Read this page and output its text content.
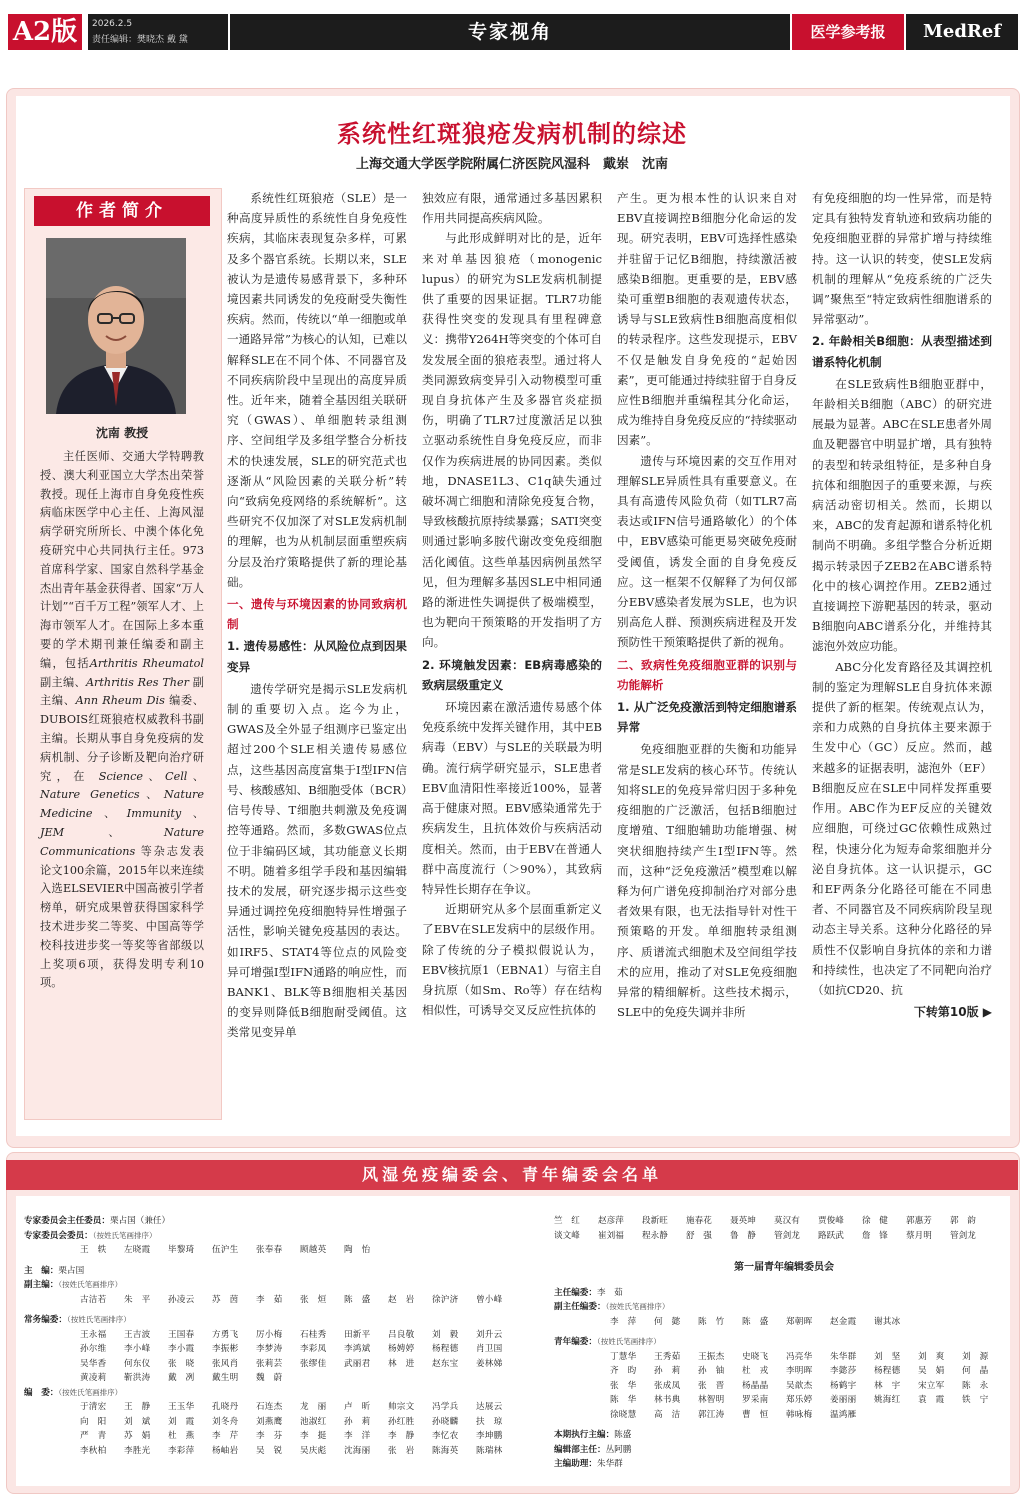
A2版	2026.2.5
责任编辑：樊晓杰 戴 黛	专家视角	医学参考报	MedRef
系统性红斑狼疮发病机制的综述
上海交通大学医学院附属仁济医院风湿科　戴岽　沈南
作者简介
沈南 教授
主任医师、交通大学特聘教授、澳大利亚国立大学杰出荣誉教授。现任上海市自身免疫性疾病临床医学中心主任、上海风湿病学研究所所长、中澳个体化免疫研究中心共同执行主任。973首席科学家、国家自然科学基金杰出青年基金获得者、国家“万人计划”“百千万工程”领军人才、上海市领军人才。在国际上多本重要的学术期刊兼任编委和副主编，包括Arthritis Rheumatol 副主编、Arthritis Res Ther 副主编、Ann Rheum Dis 编委、DUBOIS红斑狼疮权威教科书副主编。长期从事自身免疫病的发病机制、分子诊断及靶向治疗研究，在 Science、Cell、Nature Genetics、Nature Medicine、Immunity、JEM、Nature Communications 等杂志发表论文100余篇，2015年以来连续入选ELSEVIER中国高被引学者榜单，研究成果曾获得国家科学技术进步奖二等奖、中国高等学校科技进步奖一等奖等省部级以上奖项6项，获得发明专利10项。

系统性红斑狼疮（SLE）是一种高度异质性的系统性自身免疫性疾病，其临床表现复杂多样，可累及多个器官系统。长期以来，SLE被认为是遗传易感背景下，多种环境因素共同诱发的免疫耐受失衡性疾病。然而，传统以“单一细胞或单一通路异常”为核心的认知，已难以解释SLE在不同个体、不同器官及不同疾病阶段中呈现出的高度异质性。近年来，随着全基因组关联研究（GWAS）、单细胞转录组测序、空间组学及多组学整合分析技术的快速发展，SLE的研究范式也逐渐从“风险因素的关联分析”转向“致病免疫网络的系统解析”。这些研究不仅加深了对SLE发病机制的理解，也为从机制层面重塑疾病分层及治疗策略提供了新的理论基础。

一、遗传与环境因素的协同致病机制
1. 遗传易感性：从风险位点到因果变异

遗传学研究是揭示SLE发病机制的重要切入点。迄今为止，GWAS及全外显子组测序已鉴定出超过200个SLE相关遗传易感位点，这些基因高度富集于Ⅰ型IFN信号、核酸感知、B细胞受体（BCR）信号传导、T细胞共刺激及免疫调控等通路。然而，多数GWAS位点位于非编码区域，其功能意义长期不明。随着多组学手段和基因编辑技术的发展，研究逐步揭示这些变异通过调控免疫细胞特异性增强子活性，影响关键免疫基因的表达。如IRF5、STAT4等位点的风险变异可增强Ⅰ型IFN通路的响应性，而BANK1、BLK等B细胞相关基因的变异则降低B细胞耐受阈值。这类常见变异单

独效应有限，通常通过多基因累积作用共同提高疾病风险。

与此形成鲜明对比的是，近年来对单基因狼疮（monogenic lupus）的研究为SLE发病机制提供了重要的因果证据。TLR7功能获得性突变的发现具有里程碑意义：携带Y264H等突变的个体可自发发展全面的狼疮表型。通过将人类同源致病变异引入动物模型可重现自身抗体产生及多器官炎症损伤，明确了TLR7过度激活足以独立驱动系统性自身免疫反应，而非仅作为疾病进展的协同因素。类似地，DNASE1L3、C1q缺失通过破坏凋亡细胞和清除免疫复合物，导致核酸抗原持续暴露；SATI突变则通过影响多胺代谢改变免疫细胞活化阈值。这些单基因病例虽然罕见，但为理解多基因SLE中相同通路的渐进性失调提供了极端模型，也为靶向干预策略的开发指明了方向。

2. 环境触发因素：EB病毒感染的致病层级重定义

环境因素在激活遗传易感个体免疫系统中发挥关键作用，其中EB病毒（EBV）与SLE的关联最为明确。流行病学研究显示，SLE患者EBV血清阳性率接近100%，显著高于健康对照。EBV感染通常先于疾病发生，且抗体效价与疾病活动度相关。然而，由于EBV在普通人群中高度流行（＞90%），其致病特异性长期存在争议。

近期研究从多个层面重新定义了EBV在SLE发病中的层级作用。除了传统的分子模拟假说认为，EBV核抗原1（EBNA1）与宿主自身抗原（如Sm、Ro等）存在结构相似性，可诱导交叉反应性抗体的

产生。更为根本性的认识来自对EBV直接调控B细胞分化命运的发现。研究表明，EBV可选择性感染并驻留于记忆B细胞，持续激活被感染B细胞。更重要的是，EBV感染可重塑B细胞的表观遗传状态，诱导与SLE致病性B细胞高度相似的转录程序。这些发现提示，EBV不仅是触发自身免疫的“起始因素”，更可能通过持续驻留于自身反应性B细胞并重编程其分化命运，成为维持自身免疫反应的“持续驱动因素”。

遗传与环境因素的交互作用对理解SLE异质性具有重要意义。在具有高遗传风险负荷（如TLR7高表达或IFN信号通路敏化）的个体中，EBV感染可能更易突破免疫耐受阈值，诱发全面的自身免疫反应。这一框架不仅解释了为何仅部分EBV感染者发展为SLE，也为识别高危人群、预测疾病进程及开发预防性干预策略提供了新的视角。

二、致病性免疫细胞亚群的识别与功能解析
1. 从广泛免疫激活到特定细胞谱系异常

免疫细胞亚群的失衡和功能异常是SLE发病的核心环节。传统认知将SLE的免疫异常归因于多种免疫细胞的广泛激活，包括B细胞过度增殖、T细胞辅助功能增强、树突状细胞持续产生Ⅰ型IFN等。然而，这种“泛免疫激活”模型难以解释为何广谱免疫抑制治疗对部分患者效果有限，也无法指导针对性干预策略的开发。单细胞转录组测序、质谱流式细胞术及空间组学技术的应用，推动了对SLE免疫细胞异常的精细解析。这些技术揭示，SLE中的免疫失调并非所

有免疫细胞的均一性异常，而是特定具有独特发育轨迹和致病功能的免疫细胞亚群的异常扩增与持续维持。这一认识的转变，使SLE发病机制的理解从“免疫系统的广泛失调”聚焦至“特定致病性细胞谱系的异常驱动”。

2. 年龄相关B细胞：从表型描述到谱系特化机制

在SLE致病性B细胞亚群中，年龄相关B细胞（ABC）的研究进展最为显著。ABC在SLE患者外周血及靶器官中明显扩增，具有独特的表型和转录组特征，是多种自身抗体和细胞因子的重要来源，与疾病活动密切相关。然而，长期以来，ABC的发育起源和谱系特化机制尚不明确。多组学整合分析近期揭示转录因子ZEB2在ABC谱系特化中的核心调控作用。ZEB2通过直接调控下游靶基因的转录，驱动B细胞向ABC谱系分化，并维持其滤泡外效应功能。

ABC分化发育路径及其调控机制的鉴定为理解SLE自身抗体来源提供了新的框架。传统观点认为，亲和力成熟的自身抗体主要来源于生发中心（GC）反应。然而，越来越多的证据表明，滤泡外（EF）B细胞反应在SLE中同样发挥重要作用。ABC作为EF反应的关键效应细胞，可绕过GC依赖性成熟过程，快速分化为短寿命浆细胞并分泌自身抗体。这一认识提示，GC和EF两条分化路径可能在不同患者、不同器官及不同疾病阶段呈现动态主导关系。这种分化路径的异质性不仅影响自身抗体的亲和力谱和持续性，也决定了不同靶向治疗（如抗CD20、抗

下转第10版 ▶
风湿免疫编委会、青年编委会名单
专家委员会主任委员：栗占国（兼任）
专家委员会委员：（按姓氏笔画排序）
王　轶 左晓霞 毕黎琦 伍沪生 张奉春 顾越英 陶　怡
主　编：栗占国
副主编：（按姓氏笔画排序）
古洁若 朱　平 孙凌云 苏　茵 李　茹 张　烜 陈　盛 赵　岩 徐沪济 曾小峰
常务编委：（按姓氏笔画排序）
王永福 王吉波 王国春 方勇飞 厉小梅 石桂秀 田新平 吕良敬 刘　毅 刘升云
孙尔维 李小峰 李小霞 李振彬 李梦涛 李彩凤 李鸿斌 杨娉婷 杨程德 肖卫国
吴华香 何东仪 张　晓 张风肖 张莉芸 张缪佳 武丽君 林　进 赵东宝 姜林娣
黄凌莉 靳洪涛 戴　冽 戴生明 魏　蔚
编　委：（按姓氏笔画排序）
于清宏 王　静 王玉华 孔晓丹 石连杰 龙　丽 卢　昕 帅宗文 冯学兵 达展云
向　阳 刘　斌 刘　霞 刘冬舟 刘燕鹰 池淑红 孙　莉 孙红胜 孙晓麟 扶　琼
严　青 苏　娟 杜　燕 李　芹 李　芬 李　挺 李　洋 李　静 李忆农 李坤鹏
李秋柏 李胜光 李彩萍 杨岫岩 吴　锐 吴庆彪 沈海丽 张　岩 陈海英 陈瑞林
竺　红 赵彦萍 段新旺 施春花 聂英坤 莫汉有 贾俊峰 徐　健 郭惠芳 郭　韵
谈文峰 崔刘福 程永静 舒　强 鲁　静 管剑龙 路跃武 詹　锋 蔡月明 管剑龙
第一届青年编辑委员会
主任编委：李　茹
副主任编委：（按姓氏笔画排序）
李　萍 何　懿 陈　竹 陈　盛 郑朝晖 赵金霞 谢其冰
青年编委：（按姓氏笔画排序）
丁慧华 王秀茹 王振杰 史晓飞 冯亮华 朱华群 刘　坚 刘　爽 刘　源
齐　昀 孙　莉 孙　铀 杜　戎 李明晖 李懿莎 杨程德 吴　娟 何　晶
张　华 张成凤 张　晋 杨晶晶 吴歆杰 杨鹤宇 林　宇 宋立军 陈　永
陈　华 林书典 林智明 罗采南 郑乐婷 姜丽丽 姚海红 袁　霞 铁　宁
徐晓慧 高　洁 郭江涛 曹　恒 韩咏梅 温鸿雁
本期执行主编：陈盛
编辑部主任：丛阿鹏
主编助理：朱华群
